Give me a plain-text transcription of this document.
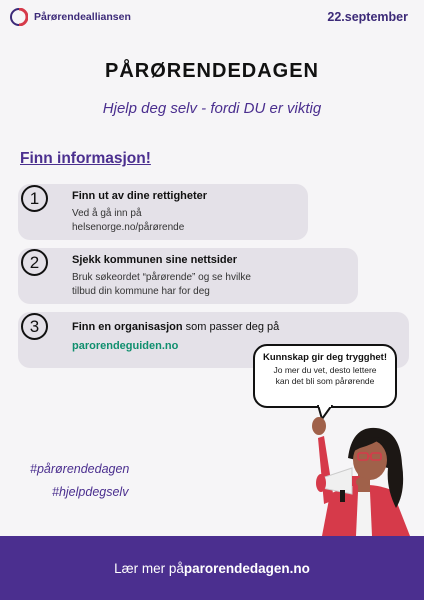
Pårørendealliansen	22.september
PÅRØRENDEDAGEN
Hjelp deg selv - fordi DU er viktig
Finn informasjon!
1	Finn ut av dine rettigheter
Ved å gå inn på
helsenorge.no/pårørende
2	Sjekk kommunen sine nettsider
Bruk søkeordet “pårørende” og se hvilke
tilbud din kommune har for deg
3	Finn en organisasjon som passer deg på
parorendeguiden.no
Kunnskap gir deg trygghet!
Jo mer du vet, desto lettere
kan det bli som pårørende
#pårørendedagen
#hjelpdegselv
Lær mer på parorendedagen.no
